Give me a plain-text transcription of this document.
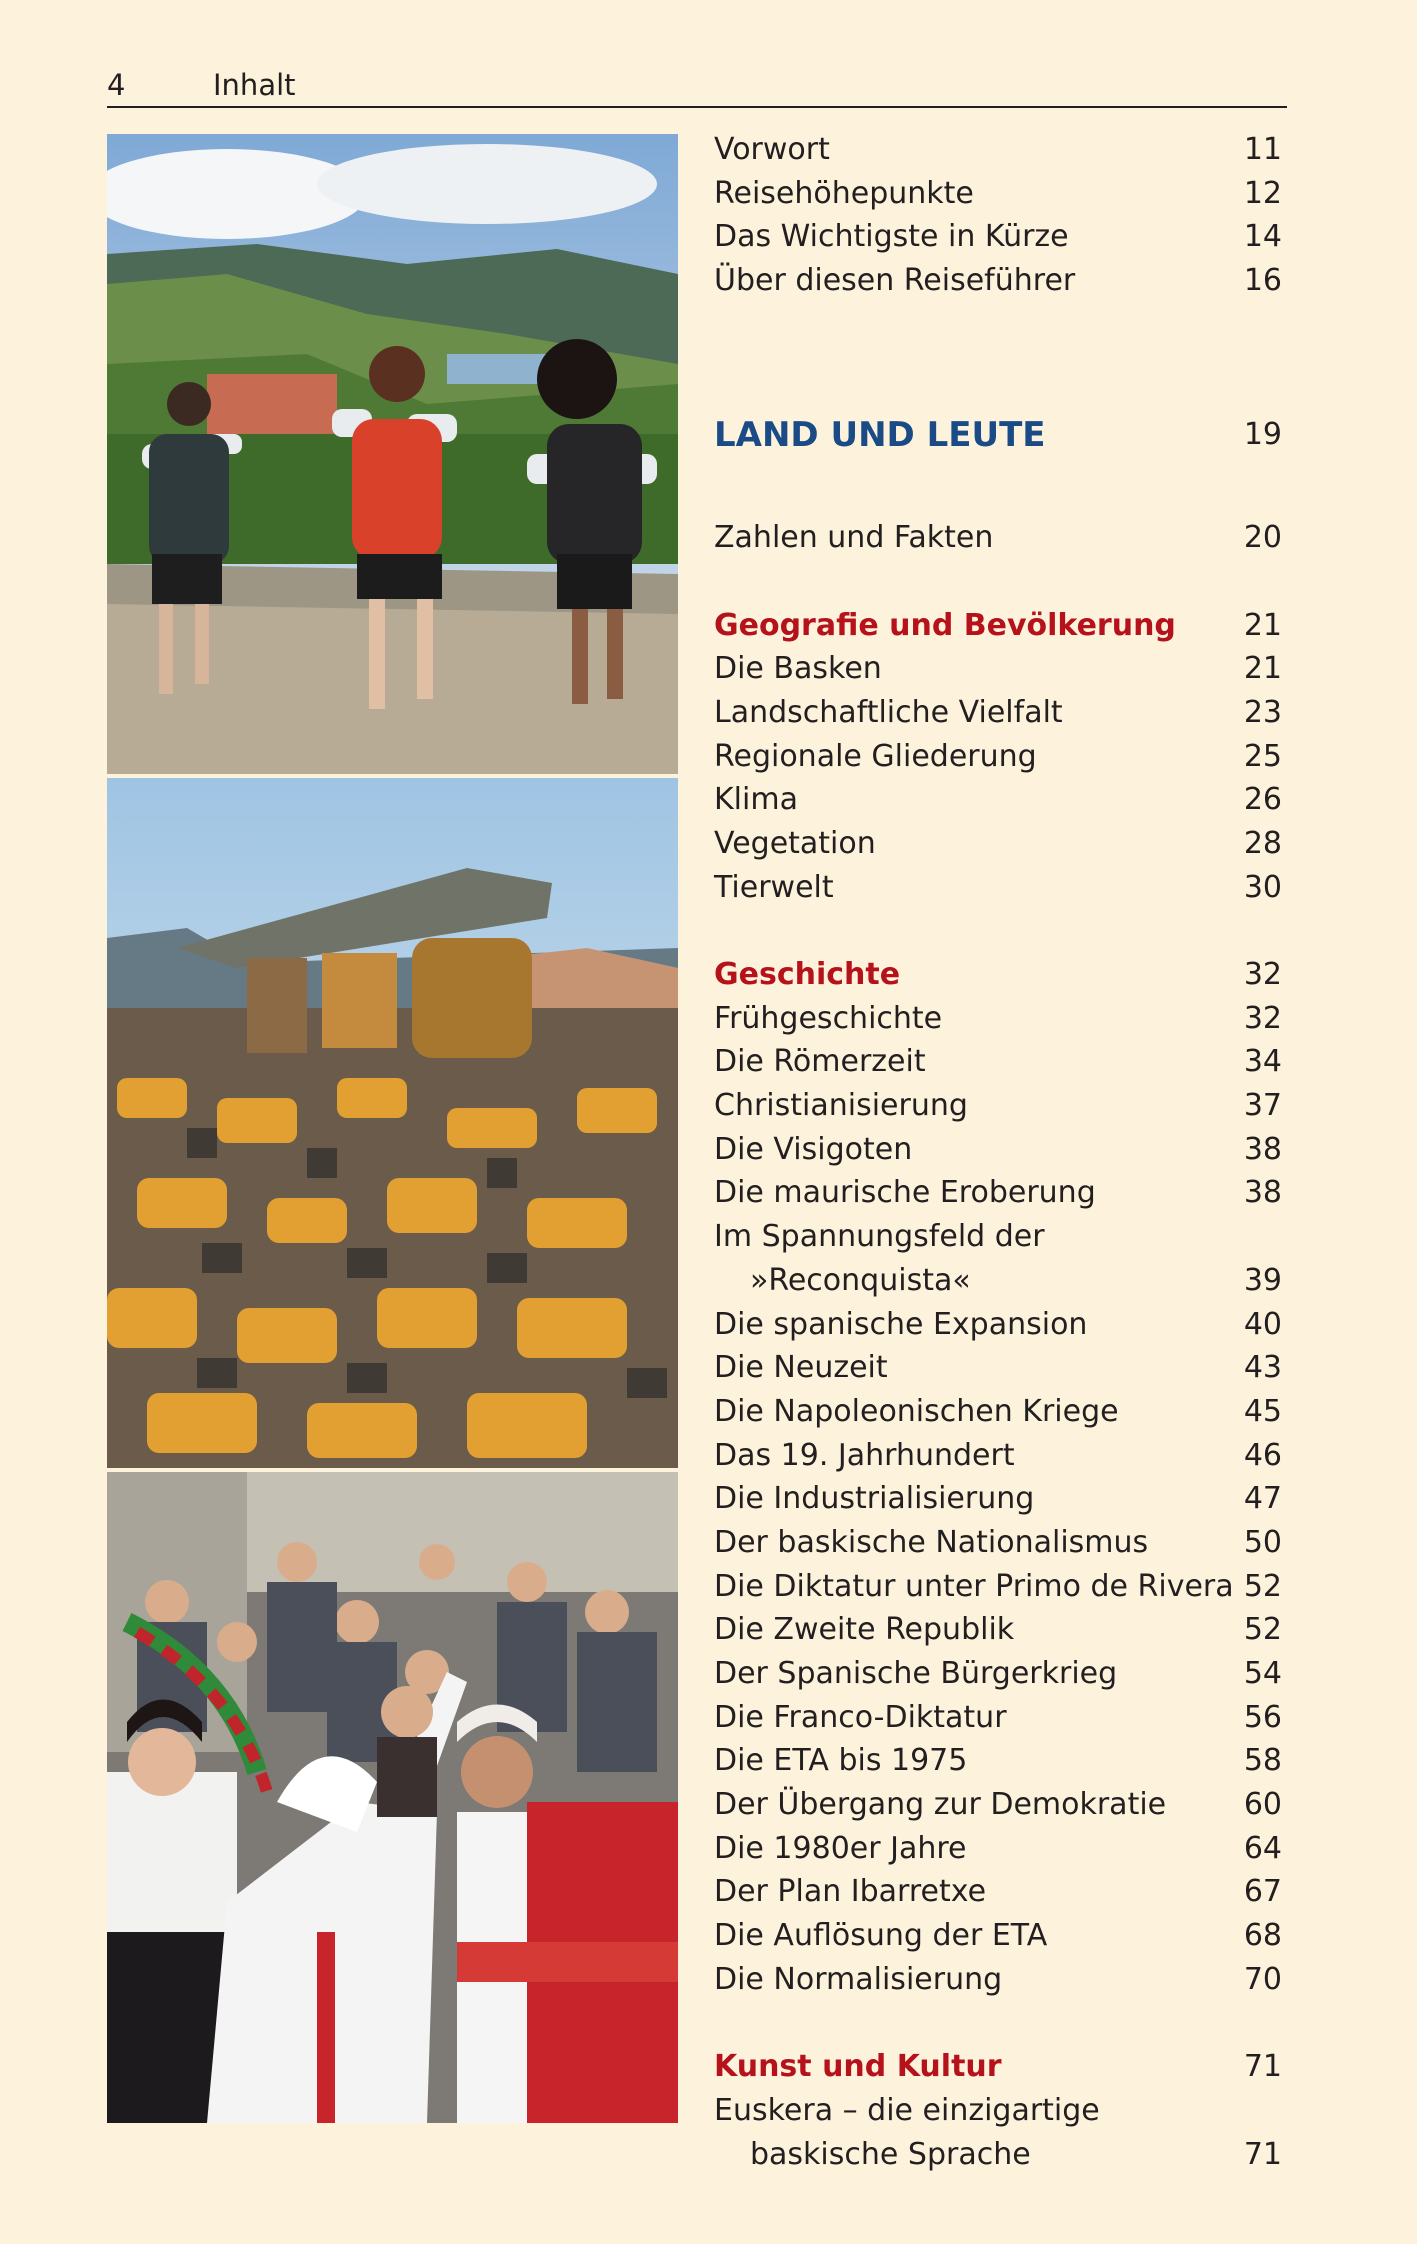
4	Inhalt
Vorwort	11
Reisehöhepunkte	12
Das Wichtigste in Kürze	14
Über diesen Reiseführer	16
LAND UND LEUTE	19
Zahlen und Fakten	20
Geografie und Bevölkerung 21
Die Basken	21
Landschaftliche Vielfalt	23
Regionale Gliederung	25
Klima	26
Vegetation	28
Tierwelt	30
Geschichte	32
Frühgeschichte	32
Die Römerzeit	34
Christianisierung	37
Die Visigoten	38
Die maurische Eroberung	38
Im Spannungsfeld der
»Reconquista«	39
Die spanische Expansion	40
Die Neuzeit	43
Die Napoleonischen Kriege	45
Das 19. Jahrhundert	46
Die Industrialisierung	47
Der baskische Nationalismus	50
Die Diktatur unter Primo de Rivera 52
Die Zweite Republik	52
Der Spanische Bürgerkrieg	54
Die Franco-Diktatur	56
Die ETA bis 1975	58
Der Übergang zur Demokratie	60
Die 1980er Jahre	64
Der Plan Ibarretxe	67
Die Auflösung der ETA	68
Die Normalisierung	70
Kunst und Kultur	71
Euskera – die einzigartige
baskische Sprache	71
